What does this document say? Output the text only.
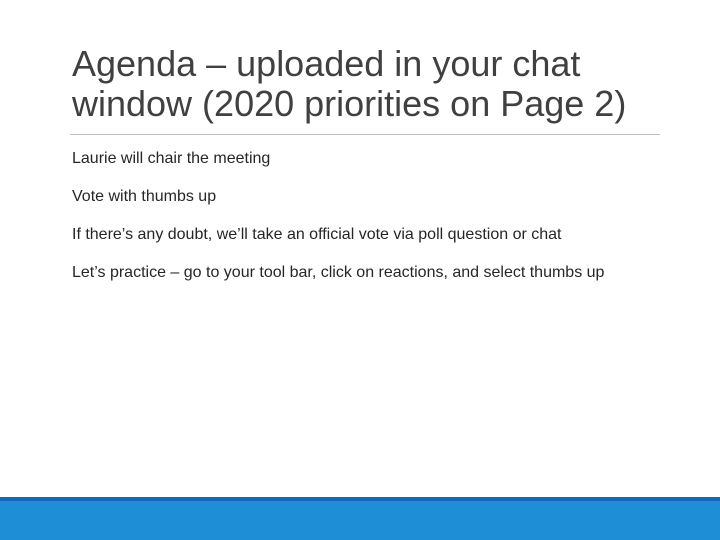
Agenda – uploaded in your chat window (2020 priorities on Page 2)
Laurie will chair the meeting
Vote with thumbs up
If there’s any doubt, we’ll take an official vote via poll question or chat
Let’s practice – go to your tool bar, click on reactions, and select thumbs up
